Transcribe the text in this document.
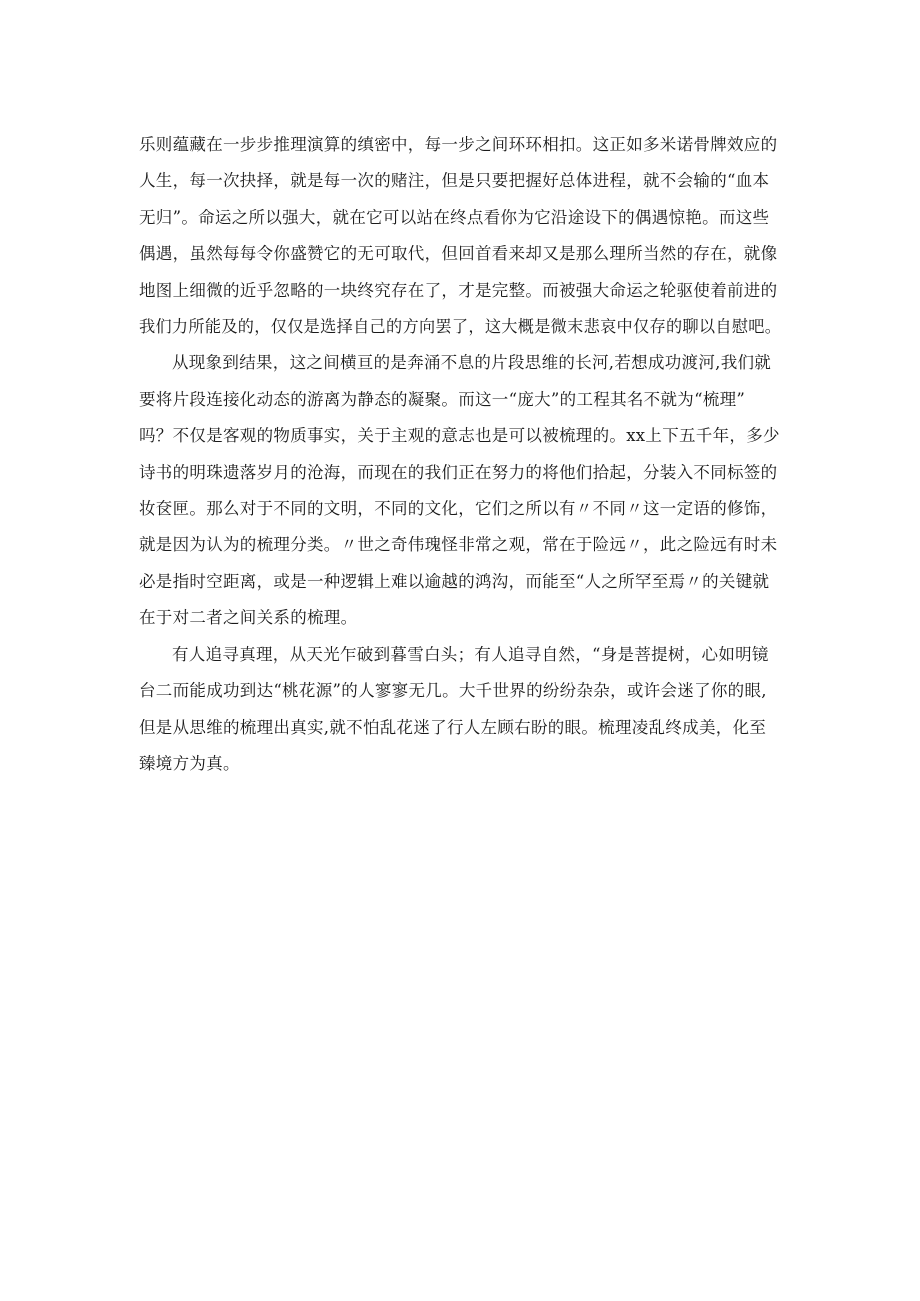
乐则蕴藏在一步步推理演算的缜密中，每一步之间环环相扣。这正如多米诺骨牌效应的
人生，每一次抉择，就是每一次的赌注，但是只要把握好总体进程，就不会输的“血本
无归”。命运之所以强大，就在它可以站在终点看你为它沿途设下的偶遇惊艳。而这些
偶遇，虽然每每令你盛赞它的无可取代，但回首看来却又是那么理所当然的存在，就像
地图上细微的近乎忽略的一块终究存在了，才是完整。而被强大命运之轮驱使着前进的
我们力所能及的，仅仅是选择自己的方向罢了，这大概是微末悲哀中仅存的聊以自慰吧。

从现象到结果，这之间横亘的是奔涌不息的片段思维的长河,若想成功渡河,我们就
要将片段连接化动态的游离为静态的凝聚。而这一“庞大”的工程其名不就为“梳理”
吗？不仅是客观的物质事实，关于主观的意志也是可以被梳理的。xx上下五千年，多少
诗书的明珠遗落岁月的沧海，而现在的我们正在努力的将他们拾起，分装入不同标签的
妆奁匣。那么对于不同的文明，不同的文化，它们之所以有〃不同〃这一定语的修饰，
就是因为认为的梳理分类。〃世之奇伟瑰怪非常之观，常在于险远〃，此之险远有时未
必是指时空距离，或是一种逻辑上难以逾越的鸿沟，而能至“人之所罕至焉〃的关键就
在于对二者之间关系的梳理。

有人追寻真理，从天光乍破到暮雪白头；有人追寻自然，“身是菩提树，心如明镜
台二而能成功到达“桃花源”的人寥寥无几。大千世界的纷纷杂杂，或许会迷了你的眼,
但是从思维的梳理出真实,就不怕乱花迷了行人左顾右盼的眼。梳理凌乱终成美，化至
臻境方为真。
